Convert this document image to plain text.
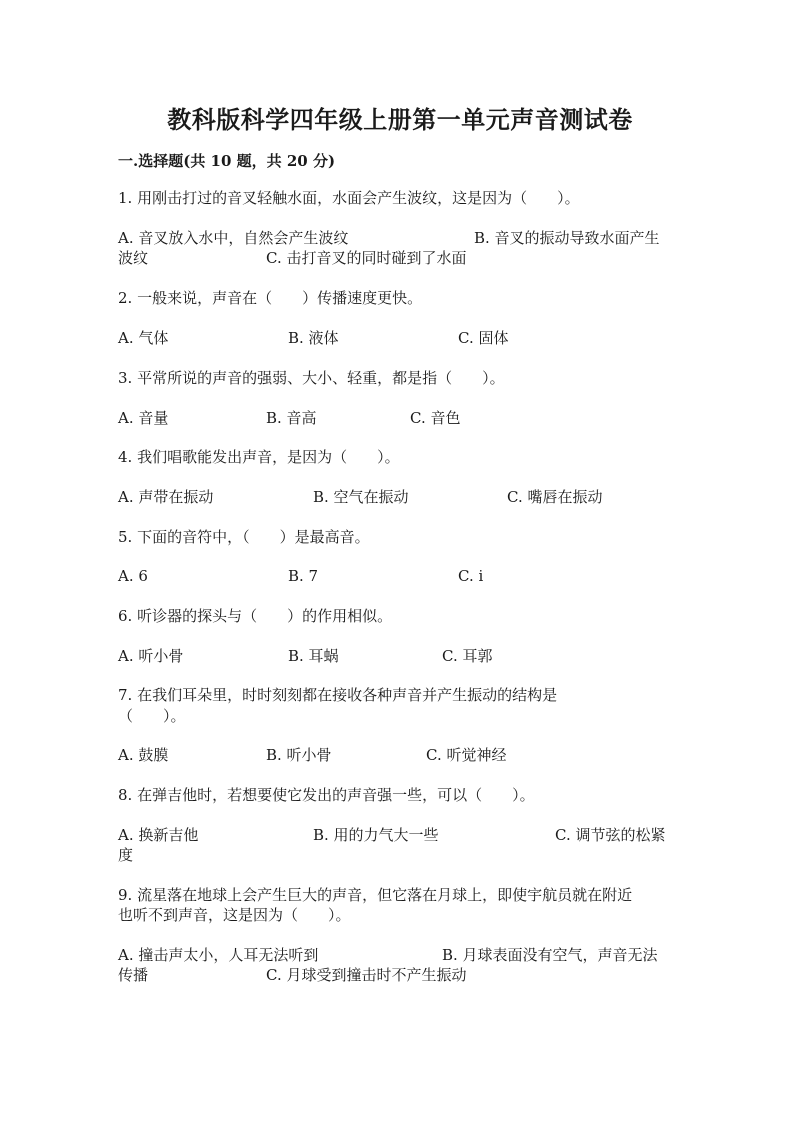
教科版科学四年级上册第一单元声音测试卷
一.选择题(共 10 题，共 20 分)
1. 用刚击打过的音叉轻触水面，水面会产生波纹，这是因为（　　）。
A. 音叉放入水中，自然会产生波纹	B. 音叉的振动导致水面产生
波纹	C. 击打音叉的同时碰到了水面
2. 一般来说，声音在（　　）传播速度更快。
A. 气体	B. 液体	C. 固体
3. 平常所说的声音的强弱、大小、轻重，都是指（　　）。
A. 音量	B. 音高	C. 音色
4. 我们唱歌能发出声音，是因为（　　）。
A. 声带在振动	B. 空气在振动	C. 嘴唇在振动
5. 下面的音符中，（　　）是最高音。
A. 6	B. 7	C. i
6. 听诊器的探头与（　　）的作用相似。
A. 听小骨	B. 耳蜗	C. 耳郭
7. 在我们耳朵里，时时刻刻都在接收各种声音并产生振动的结构是
（　　）。
A. 鼓膜	B. 听小骨	C. 听觉神经
8. 在弹吉他时，若想要使它发出的声音强一些，可以（　　）。
A. 换新吉他	B. 用的力气大一些	C. 调节弦的松紧
度
9. 流星落在地球上会产生巨大的声音，但它落在月球上，即使宇航员就在附近
也听不到声音，这是因为（　　）。
A. 撞击声太小，人耳无法听到	B. 月球表面没有空气，声音无法
传播	C. 月球受到撞击时不产生振动
